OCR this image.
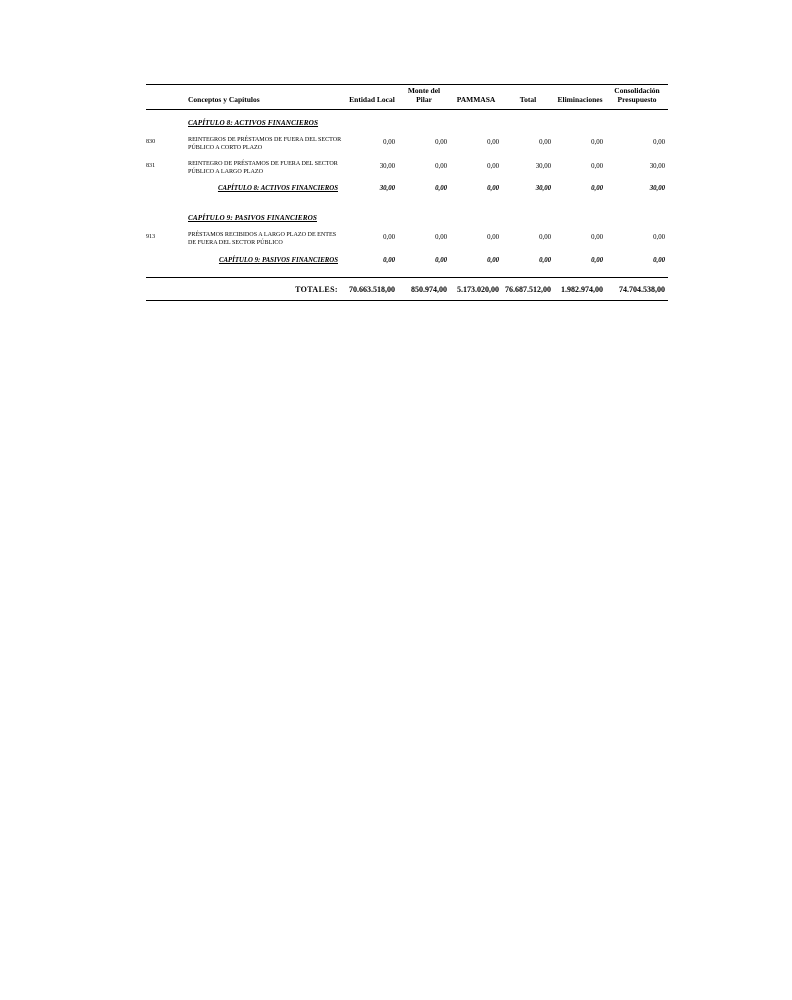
	Conceptos y Capítulos	Entidad Local	Monte del Pilar	PAMMASA	Total	Eliminaciones	Consolidación Presupuesto
	CAPÍTULO 8: ACTIVOS FINANCIEROS						
830	REINTEGROS DE PRÉSTAMOS DE FUERA DEL SECTOR PÚBLICO A CORTO PLAZO	0,00	0,00	0,00	0,00	0,00	0,00
831	REINTEGRO DE PRÉSTAMOS DE FUERA DEL SECTOR PÚBLICO A LARGO PLAZO	30,00	0,00	0,00	30,00	0,00	30,00
	CAPÍTULO 8: ACTIVOS FINANCIEROS	30,00	0,00	0,00	30,00	0,00	30,00

	CAPÍTULO 9: PASIVOS FINANCIEROS						
913	PRÉSTAMOS RECIBIDOS A LARGO PLAZO DE ENTES DE FUERA DEL SECTOR PÚBLICO	0,00	0,00	0,00	0,00	0,00	0,00
	CAPÍTULO 9: PASIVOS FINANCIEROS	0,00	0,00	0,00	0,00	0,00	0,00

	TOTALES:	70.663.518,00	850.974,00	5.173.020,00	76.687.512,00	1.982.974,00	74.704.538,00
